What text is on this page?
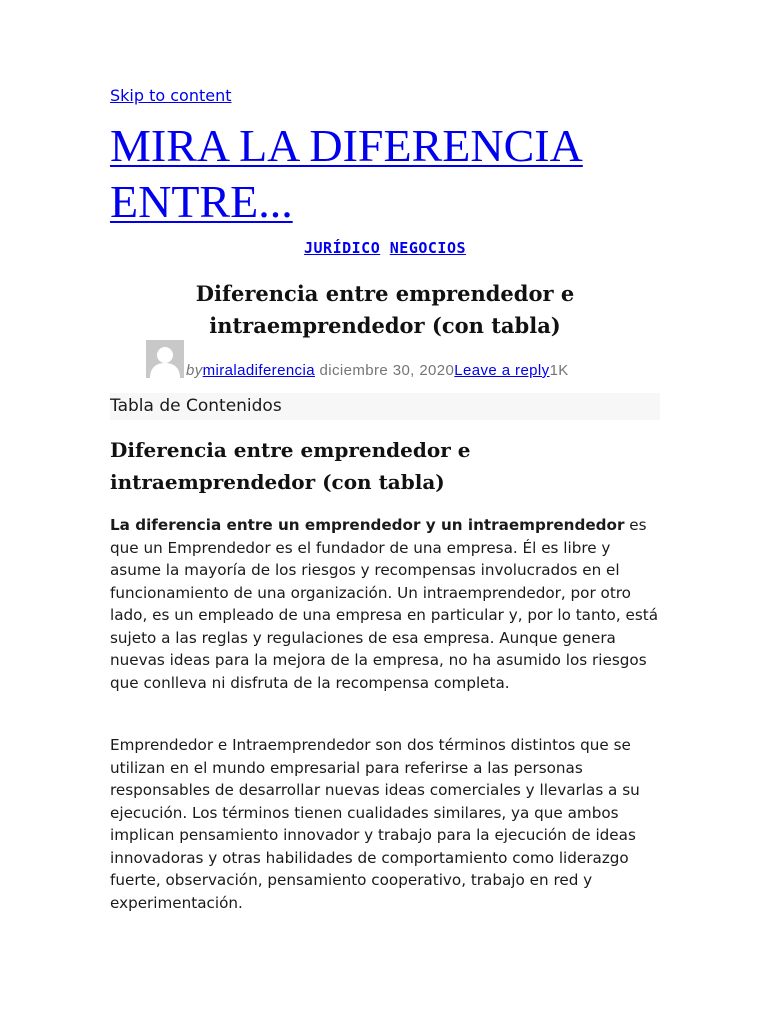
Skip to content
MIRA LA DIFERENCIA ENTRE...
JURÍDICO NEGOCIOS
Diferencia entre emprendedor e intraemprendedor (con tabla)
bymiraladiferencia diciembre 30, 2020Leave a reply1K
Tabla de Contenidos
Diferencia entre emprendedor e intraemprendedor (con tabla)

La diferencia entre un emprendedor y un intraemprendedor es que un Emprendedor es el fundador de una empresa. Él es libre y asume la mayoría de los riesgos y recompensas involucrados en el funcionamiento de una organización. Un intraemprendedor, por otro lado, es un empleado de una empresa en particular y, por lo tanto, está sujeto a las reglas y regulaciones de esa empresa. Aunque genera nuevas ideas para la mejora de la empresa, no ha asumido los riesgos que conlleva ni disfruta de la recompensa completa.

Emprendedor e Intraemprendedor son dos términos distintos que se utilizan en el mundo empresarial para referirse a las personas responsables de desarrollar nuevas ideas comerciales y llevarlas a su ejecución. Los términos tienen cualidades similares, ya que ambos implican pensamiento innovador y trabajo para la ejecución de ideas innovadoras y otras habilidades de comportamiento como liderazgo fuerte, observación, pensamiento cooperativo, trabajo en red y experimentación.
